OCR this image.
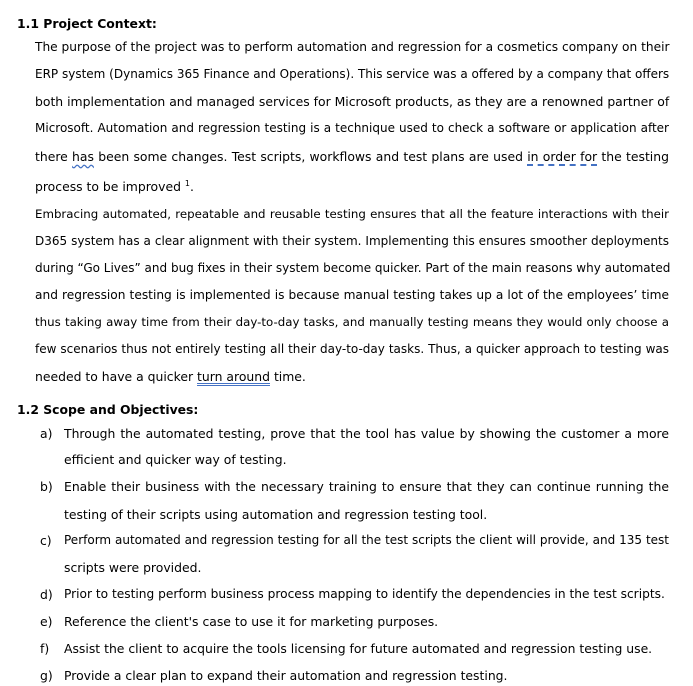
1.1 Project Context:
The purpose of the project was to perform automation and regression for a cosmetics company on their
ERP system (Dynamics 365 Finance and Operations). This service was a offered by a company that offers
both implementation and managed services for Microsoft products, as they are a renowned partner of
Microsoft. Automation and regression testing is a technique used to check a software or application after
there has been some changes. Test scripts, workflows and test plans are used in order for the testing
process to be improved $^1$.
Embracing automated, repeatable and reusable testing ensures that all the feature interactions with their
D365 system has a clear alignment with their system. Implementing this ensures smoother deployments
during “Go Lives” and bug fixes in their system become quicker. Part of the main reasons why automated
and regression testing is implemented is because manual testing takes up a lot of the employees’ time
thus taking away time from their day-to-day tasks, and manually testing means they would only choose a
few scenarios thus not entirely testing all their day-to-day tasks. Thus, a quicker approach to testing was
needed to have a quicker turn around time.
1.2 Scope and Objectives:
a) Through the automated testing, prove that the tool has value by showing the customer a more
efficient and quicker way of testing.
b) Enable their business with the necessary training to ensure that they can continue running the
testing of their scripts using automation and regression testing tool.
c) Perform automated and regression testing for all the test scripts the client will provide, and 135 test
scripts were provided.
d) Prior to testing perform business process mapping to identify the dependencies in the test scripts.
e) Reference the client's case to use it for marketing purposes.
f) Assist the client to acquire the tools licensing for future automated and regression testing use.
g) Provide a clear plan to expand their automation and regression testing.
